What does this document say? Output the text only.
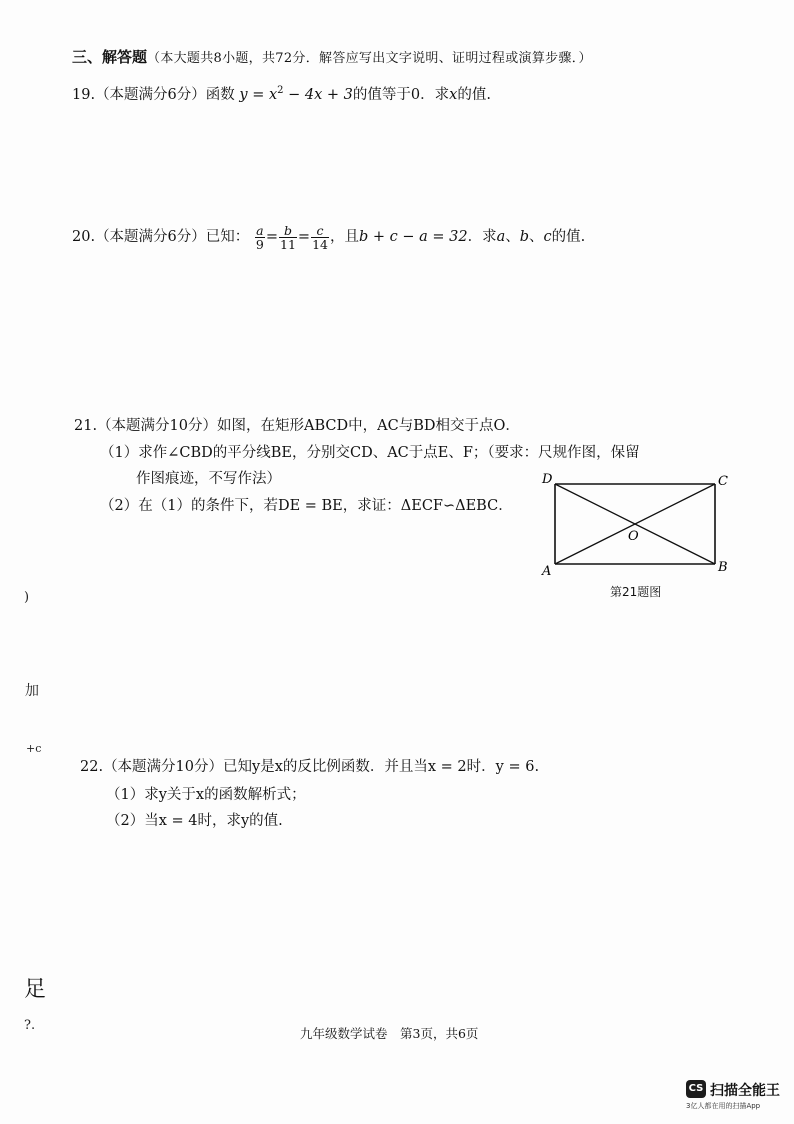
三、解答题（本大题共8小题，共72分．解答应写出文字说明、证明过程或演算步骤．）
19.（本题满分6分）函数 $y = x^2 - 4x + 3$的值等于0．求x的值.
20.（本题满分6分）已知： $\frac{a}{9} = \frac{b}{11} = \frac{c}{14}$ ，且b + c − a = 32．求a、b、c的值.
21.（本题满分10分）如图，在矩形ABCD中，AC与BD相交于点O．
（1）求作∠CBD的平分线BE，分别交CD、AC于点E、F；（要求：尺规作图，保留
作图痕迹，不写作法）
（2）在（1）的条件下，若DE = BE，求证：ΔECF∽ΔEBC．
D	C
A	B
O
第21题图
22.（本题满分10分）已知y是x的反比例函数．并且当x = 2时．y = 6.
（1）求y关于x的函数解析式；
（2）当x = 4时，求y的值.
)
加
+c
足
?.
九年级数学试卷　第3页，共6页
CS 扫描全能王
3亿人都在用的扫描App
